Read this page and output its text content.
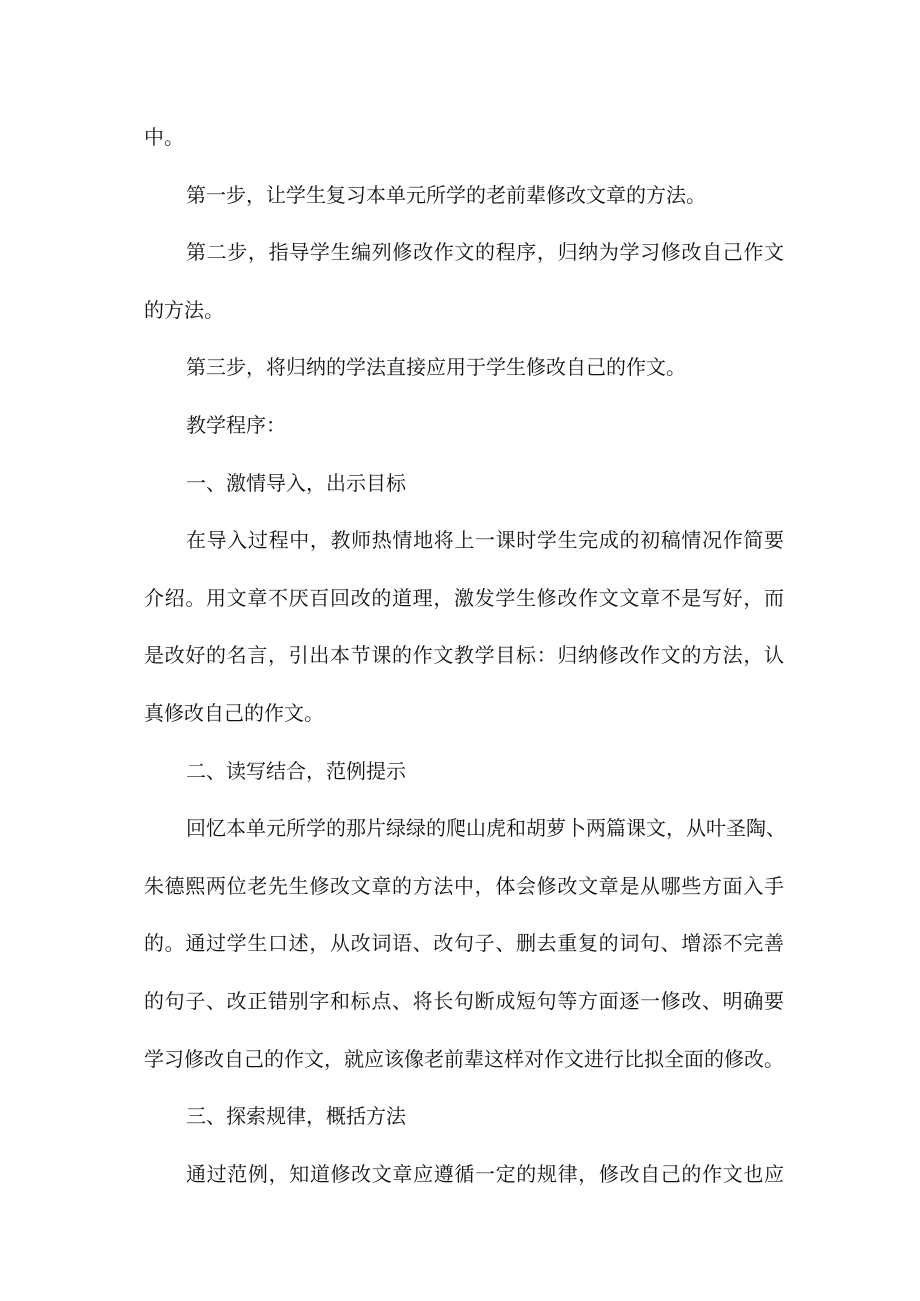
中。
第一步，让学生复习本单元所学的老前辈修改文章的方法。
第二步，指导学生编列修改作文的程序，归纳为学习修改自己作文
的方法。
第三步，将归纳的学法直接应用于学生修改自己的作文。
教学程序：
一、激情导入，出示目标
在导入过程中，教师热情地将上一课时学生完成的初稿情况作简要
介绍。用文章不厌百回改的道理，激发学生修改作文文章不是写好，而
是改好的名言，引出本节课的作文教学目标：归纳修改作文的方法，认
真修改自己的作文。
二、读写结合，范例提示
回忆本单元所学的那片绿绿的爬山虎和胡萝卜两篇课文，从叶圣陶、
朱德熙两位老先生修改文章的方法中，体会修改文章是从哪些方面入手
的。通过学生口述，从改词语、改句子、删去重复的词句、增添不完善
的句子、改正错别字和标点、将长句断成短句等方面逐一修改、明确要
学习修改自己的作文，就应该像老前辈这样对作文进行比拟全面的修改。
三、探索规律，概括方法
通过范例，知道修改文章应遵循一定的规律，修改自己的作文也应
